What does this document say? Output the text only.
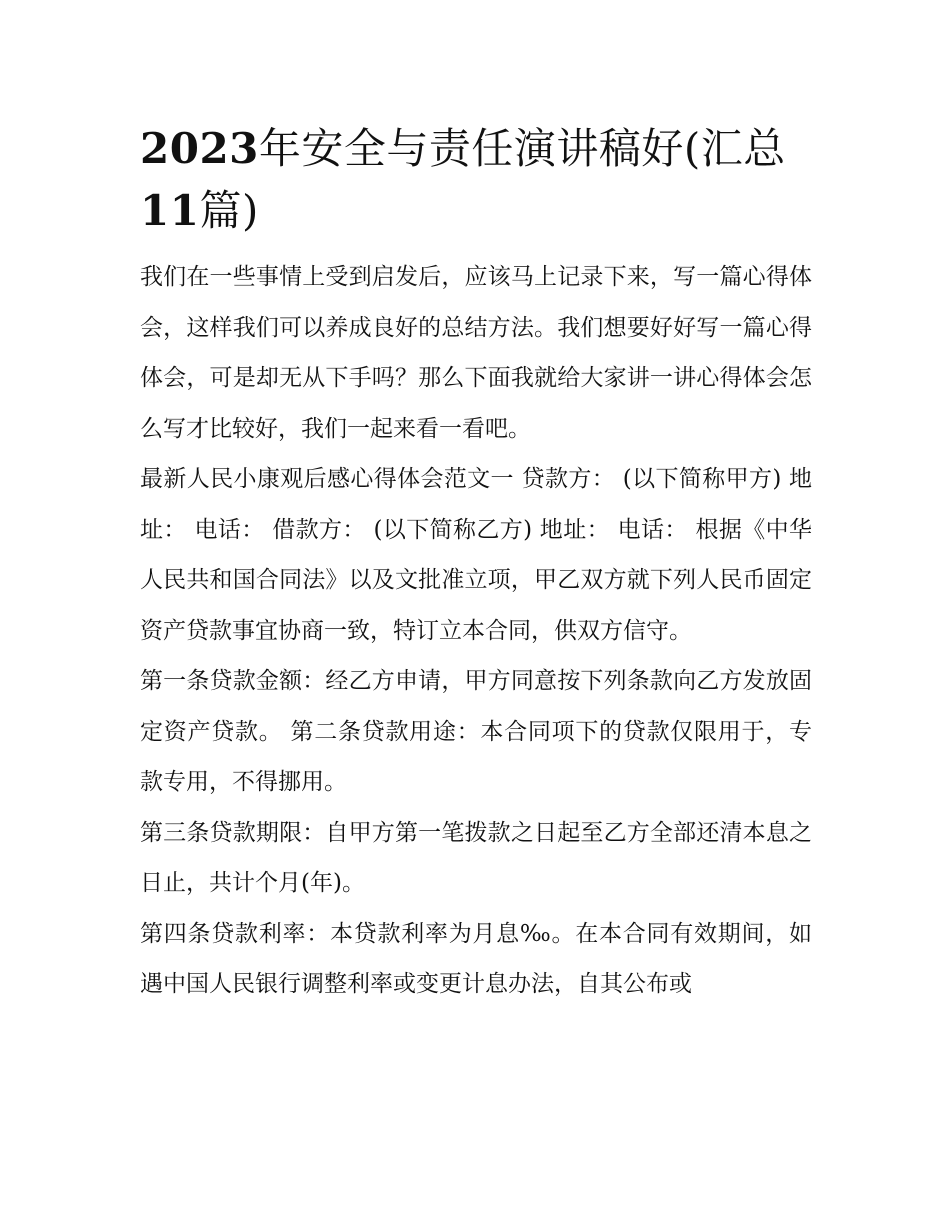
2023年安全与责任演讲稿好(汇总11篇)

我们在一些事情上受到启发后，应该马上记录下来，写一篇心得体会，这样我们可以养成良好的总结方法。我们想要好好写一篇心得体会，可是却无从下手吗？那么下面我就给大家讲一讲心得体会怎么写才比较好，我们一起来看一看吧。

最新人民小康观后感心得体会范文一 贷款方： (以下简称甲方) 地址： 电话： 借款方： (以下简称乙方) 地址： 电话： 根据《中华人民共和国合同法》以及文批准立项，甲乙双方就下列人民币固定资产贷款事宜协商一致，特订立本合同，供双方信守。

第一条贷款金额：经乙方申请，甲方同意按下列条款向乙方发放固定资产贷款。 第二条贷款用途：本合同项下的贷款仅限用于，专款专用，不得挪用。

第三条贷款期限：自甲方第一笔拨款之日起至乙方全部还清本息之日止，共计个月(年)。

第四条贷款利率：本贷款利率为月息‰。在本合同有效期间，如遇中国人民银行调整利率或变更计息办法，自其公布或
